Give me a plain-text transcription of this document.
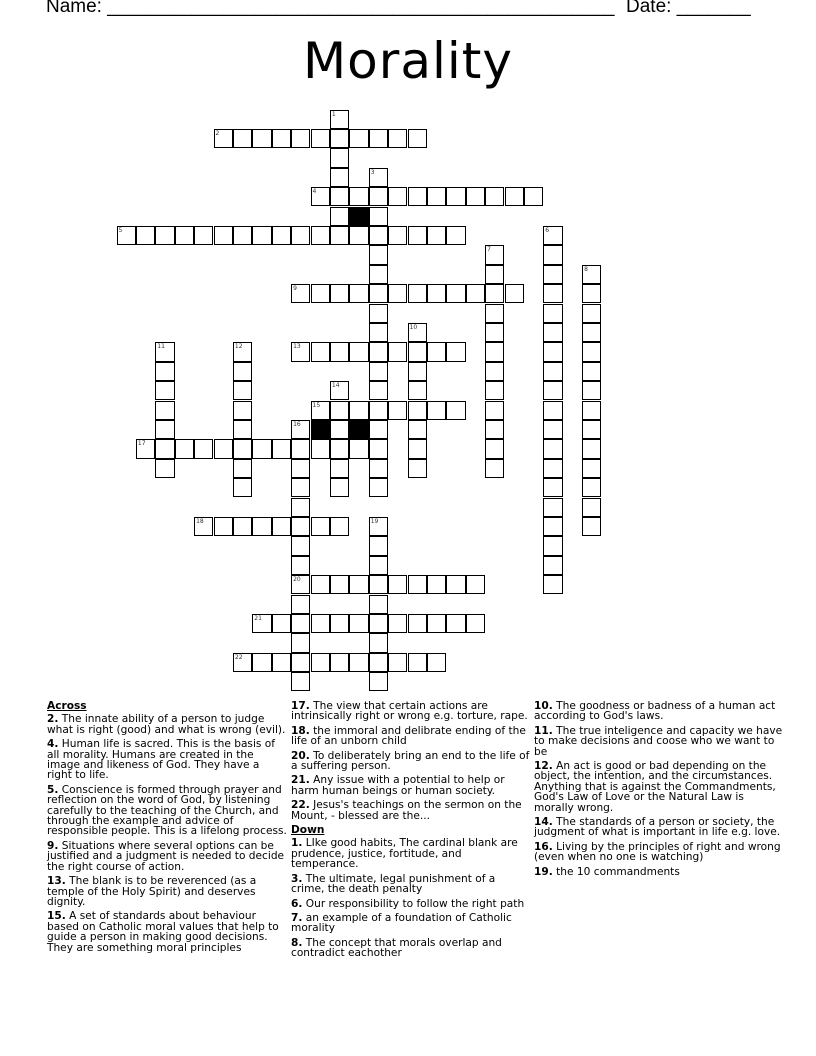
Name: ________________________________________________ Date: _______
Morality
1
2
3
4
5	6
7
8
9
10
11	12	13
14
15
16
20
17
18	19
21
22
Across
2. The innate ability of a person to judge what is right (good) and what is wrong (evil).
4. Human life is sacred. This is the basis of all morality. Humans are created in the image and likeness of God. They have a right to life.
5. Conscience is formed through prayer and reflection on the word of God, by listening carefully to the teaching of the Church, and through the example and advice of responsible people. This is a lifelong process.
9. Situations where several options can be justified and a judgment is needed to decide the right course of action.
13. The blank is to be reverenced (as a temple of the Holy Spirit) and deserves dignity.
15. A set of standards about behaviour based on Catholic moral values that help to guide a person in making good decisions. They are something moral principles
17. The view that certain actions are intrinsically right or wrong e.g. torture, rape.
18. the immoral and delibrate ending of the life of an unborn child
20. To deliberately bring an end to the life of a suffering person.
21. Any issue with a potential to help or harm human beings or human society.
22. Jesus's teachings on the sermon on the Mount, - blessed are the...
Down
1. LIke good habits, The cardinal blank are prudence, justice, fortitude, and temperance.
3. The ultimate, legal punishment of a crime, the death penalty
6. Our responsibility to follow the right path
7. an example of a foundation of Catholic morality
8. The concept that morals overlap and contradict eachother
10. The goodness or badness of a human act according to God's laws.
11. The true inteligence and capacity we have to make decisions and coose who we want to be
12. An act is good or bad depending on the object, the intention, and the circumstances. Anything that is against the Commandments, God's Law of Love or the Natural Law is morally wrong.
14. The standards of a person or society, the judgment of what is important in life e.g. love.
16. Living by the principles of right and wrong (even when no one is watching)
19. the 10 commandments
